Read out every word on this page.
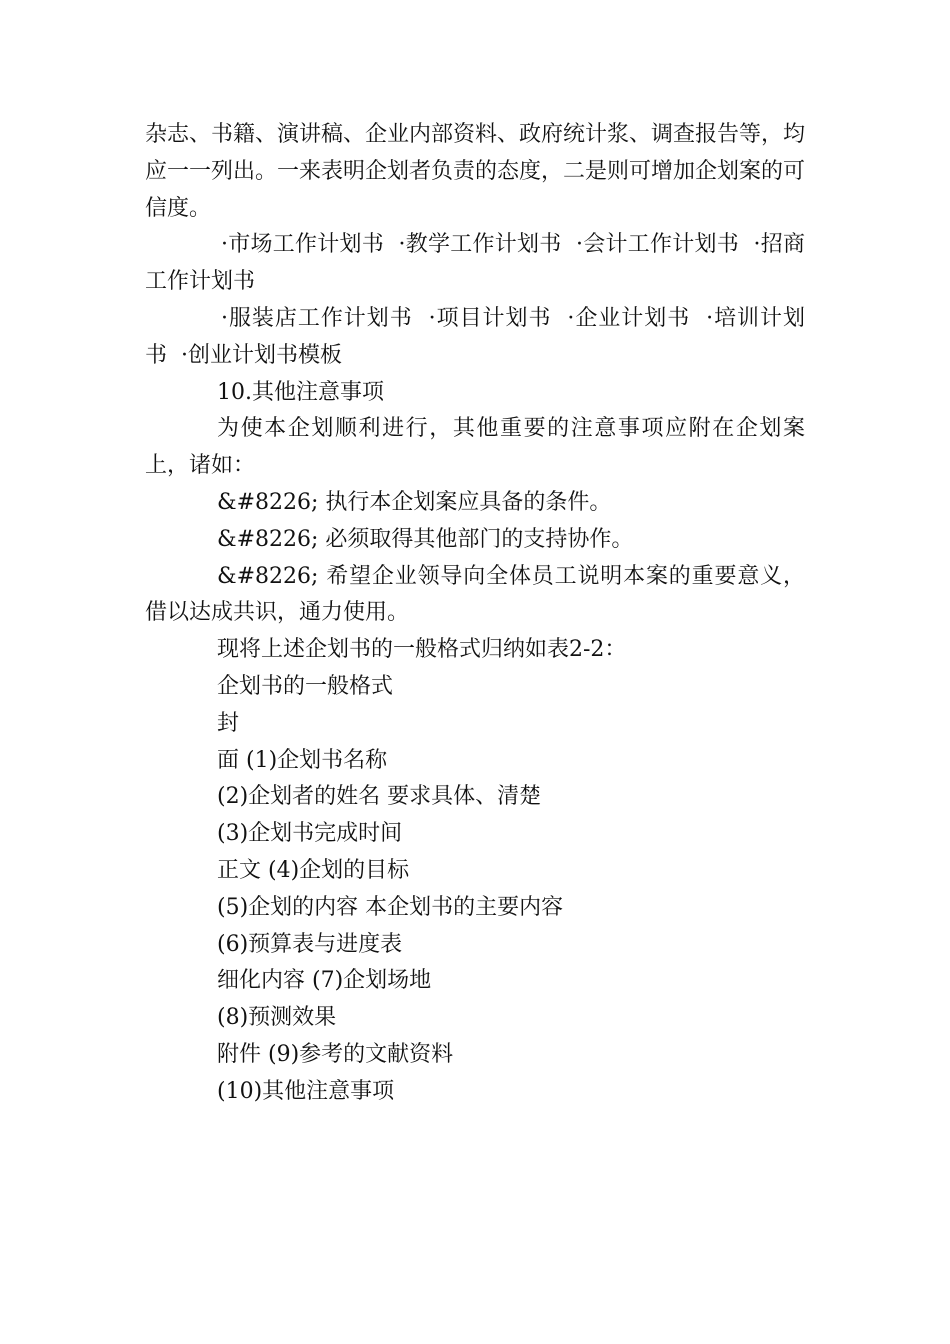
杂志、书籍、演讲稿、企业内部资料、政府统计浆、调查报告等，均应一一列出。一来表明企划者负责的态度，二是则可增加企划案的可信度。

·市场工作计划书 ·教学工作计划书 ·会计工作计划书 ·招商工作计划书

·服装店工作计划书 ·项目计划书 ·企业计划书 ·培训计划书 ·创业计划书模板

10.其他注意事项

为使本企划顺利进行，其他重要的注意事项应附在企划案上，诸如：

&#8226; 执行本企划案应具备的条件。

&#8226; 必须取得其他部门的支持协作。

&#8226; 希望企业领导向全体员工说明本案的重要意义，借以达成共识，通力使用。

现将上述企划书的一般格式归纳如表2-2：

企划书的一般格式

封

面 (1)企划书名称

(2)企划者的姓名 要求具体、清楚

(3)企划书完成时间

正文 (4)企划的目标

(5)企划的内容 本企划书的主要内容

(6)预算表与进度表

细化内容 (7)企划场地

(8)预测效果

附件 (9)参考的文献资料

(10)其他注意事项
